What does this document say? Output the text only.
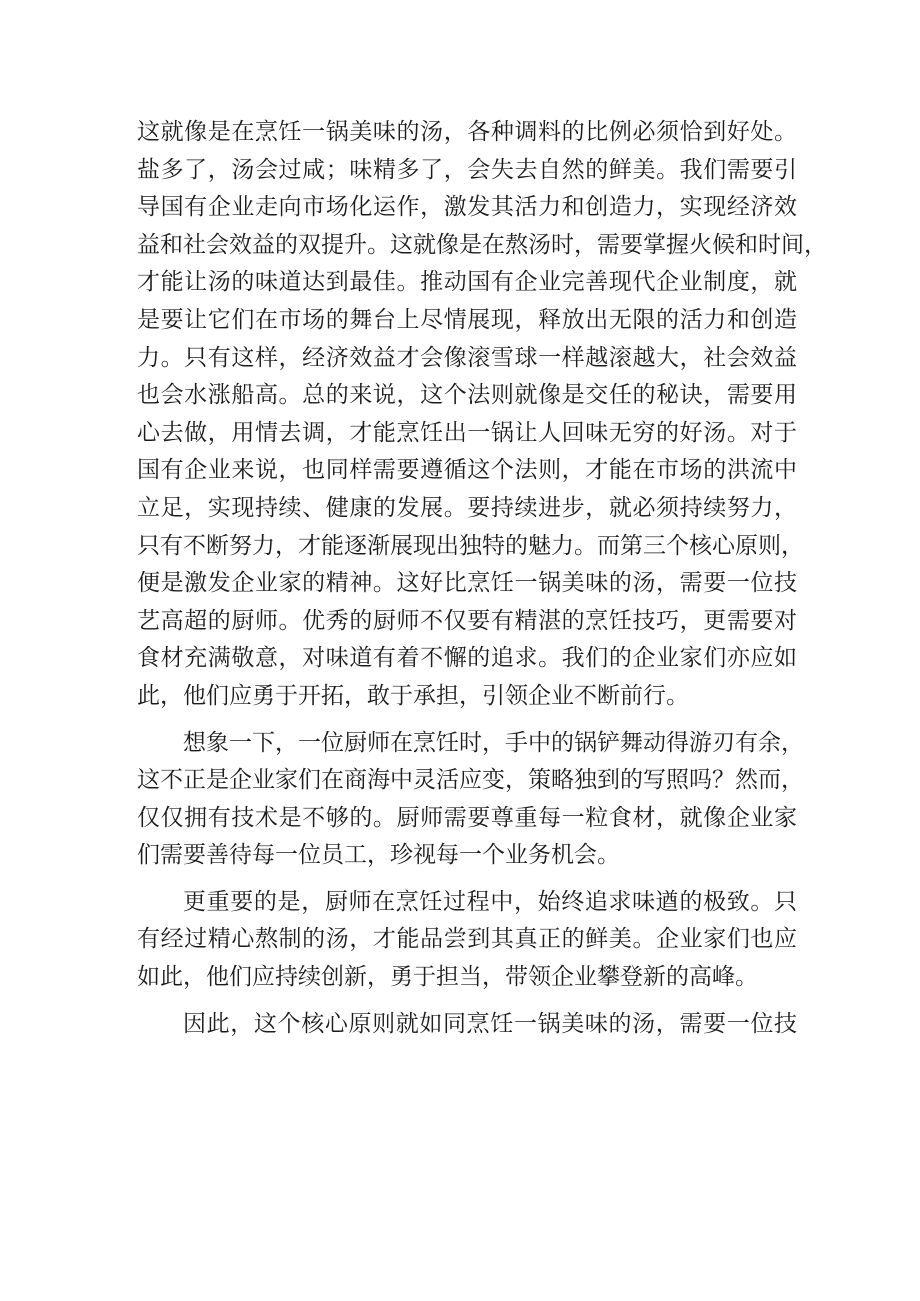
这就像是在烹饪一锅美味的汤，各种调料的比例必须恰到好处。
盐多了，汤会过咸；味精多了，会失去自然的鲜美。我们需要引
导国有企业走向市场化运作，激发其活力和创造力，实现经济效
益和社会效益的双提升。这就像是在熬汤时，需要掌握火候和时间，
才能让汤的味道达到最佳。推动国有企业完善现代企业制度，就
是要让它们在市场的舞台上尽情展现，释放出无限的活力和创造
力。只有这样，经济效益才会像滚雪球一样越滚越大，社会效益
也会水涨船高。总的来说，这个法则就像是交任的秘诀，需要用
心去做，用情去调，才能烹饪出一锅让人回味无穷的好汤。对于
国有企业来说，也同样需要遵循这个法则，才能在市场的洪流中
立足，实现持续、健康的发展。要持续进步，就必须持续努力，
只有不断努力，才能逐渐展现出独特的魅力。而第三个核心原则，
便是激发企业家的精神。这好比烹饪一锅美味的汤，需要一位技
艺高超的厨师。优秀的厨师不仅要有精湛的烹饪技巧，更需要对
食材充满敬意，对味道有着不懈的追求。我们的企业家们亦应如
此，他们应勇于开拓，敢于承担，引领企业不断前行。

想象一下，一位厨师在烹饪时，手中的锅铲舞动得游刃有余，
这不正是企业家们在商海中灵活应变，策略独到的写照吗？然而，
仅仅拥有技术是不够的。厨师需要尊重每一粒食材，就像企业家
们需要善待每一位员工，珍视每一个业务机会。

更重要的是，厨师在烹饪过程中，始终追求味遒的极致。只
有经过精心熬制的汤，才能品尝到其真正的鲜美。企业家们也应
如此，他们应持续创新，勇于担当，带领企业攀登新的高峰。

因此，这个核心原则就如同烹饪一锅美味的汤，需要一位技
